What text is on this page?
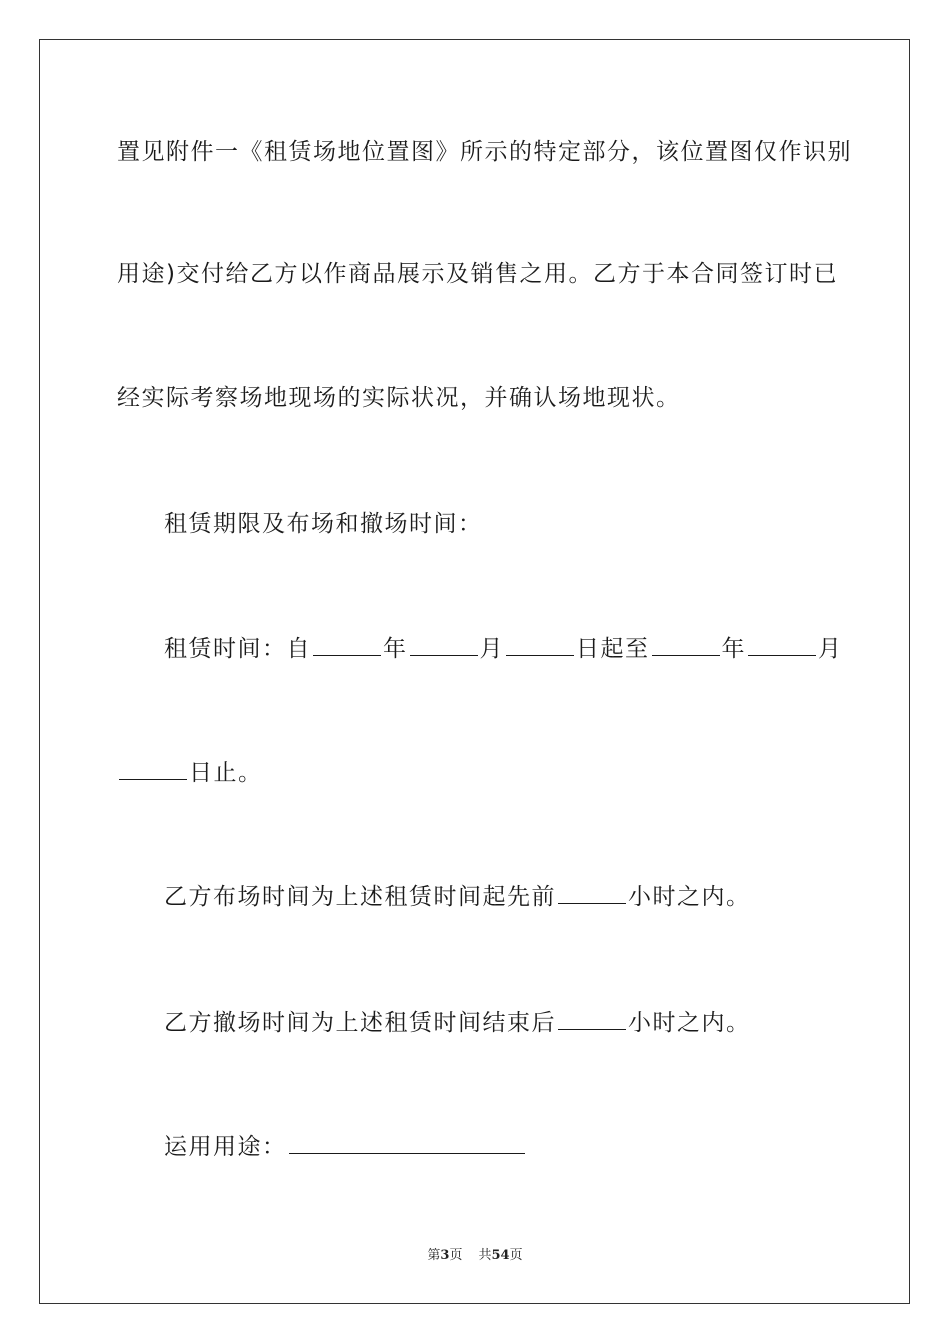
置见附件一《租赁场地位置图》所示的特定部分，该位置图仅作识别
用途)交付给乙方以作商品展示及销售之用。乙方于本合同签订时已
经实际考察场地现场的实际状况，并确认场地现状。
租赁期限及布场和撤场时间：
租赁时间：自	年	月	日起至	年	月
日止。
乙方布场时间为上述租赁时间起先前	小时之内。
乙方撤场时间为上述租赁时间结束后	小时之内。
运用用途：
第3页 共54页
